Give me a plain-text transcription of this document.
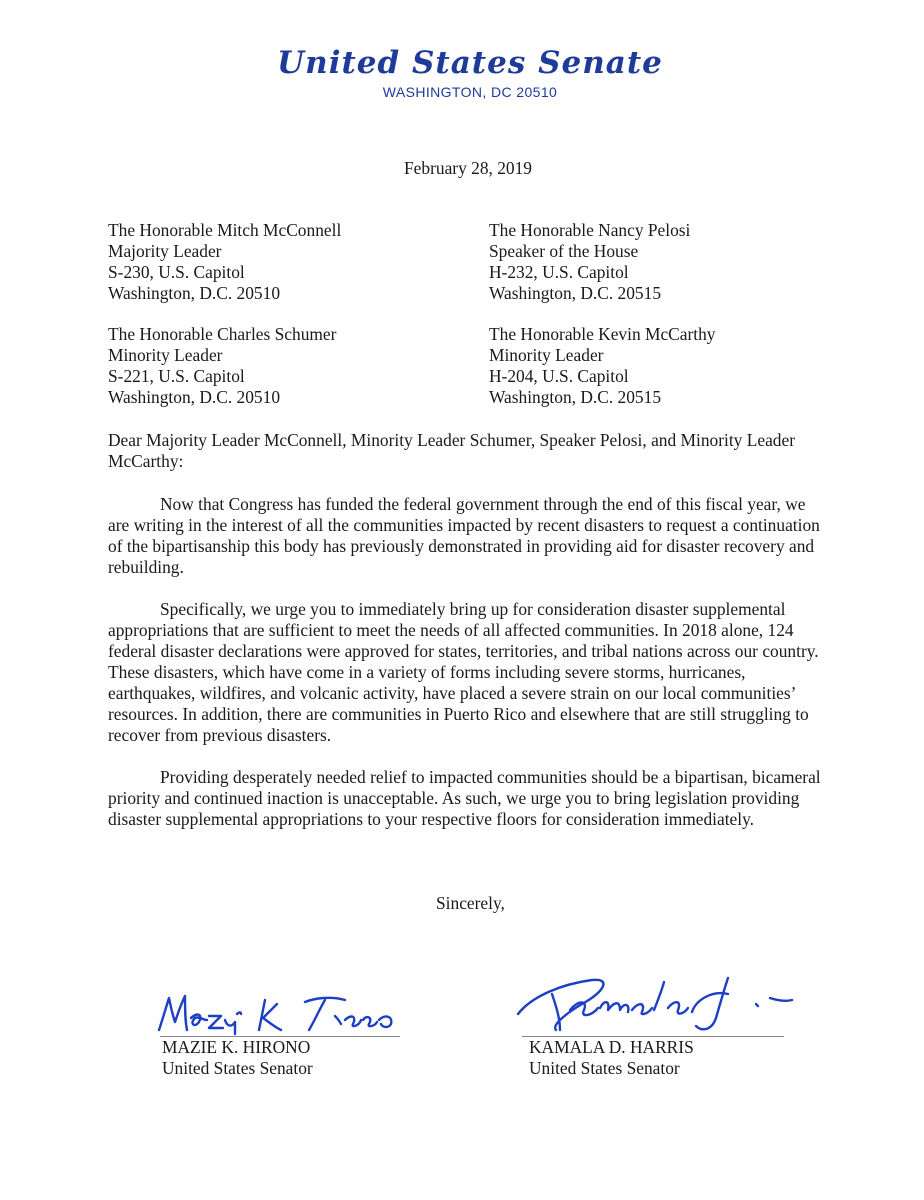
United States Senate
WASHINGTON, DC 20510
February 28, 2019
The Honorable Mitch McConnell
Majority Leader
S-230, U.S. Capitol
Washington, D.C. 20510
The Honorable Nancy Pelosi
Speaker of the House
H-232, U.S. Capitol
Washington, D.C. 20515
The Honorable Charles Schumer
Minority Leader
S-221, U.S. Capitol
Washington, D.C. 20510
The Honorable Kevin McCarthy
Minority Leader
H-204, U.S. Capitol
Washington, D.C. 20515
Dear Majority Leader McConnell, Minority Leader Schumer, Speaker Pelosi, and Minority Leader McCarthy:
Now that Congress has funded the federal government through the end of this fiscal year, we are writing in the interest of all the communities impacted by recent disasters to request a continuation of the bipartisanship this body has previously demonstrated in providing aid for disaster recovery and rebuilding.
Specifically, we urge you to immediately bring up for consideration disaster supplemental appropriations that are sufficient to meet the needs of all affected communities. In 2018 alone, 124 federal disaster declarations were approved for states, territories, and tribal nations across our country. These disasters, which have come in a variety of forms including severe storms, hurricanes, earthquakes, wildfires, and volcanic activity, have placed a severe strain on our local communities’ resources. In addition, there are communities in Puerto Rico and elsewhere that are still struggling to recover from previous disasters.
Providing desperately needed relief to impacted communities should be a bipartisan, bicameral priority and continued inaction is unacceptable. As such, we urge you to bring legislation providing disaster supplemental appropriations to your respective floors for consideration immediately.
Sincerely,
MAZIE K. HIRONO
United States Senator
KAMALA D. HARRIS
United States Senator
